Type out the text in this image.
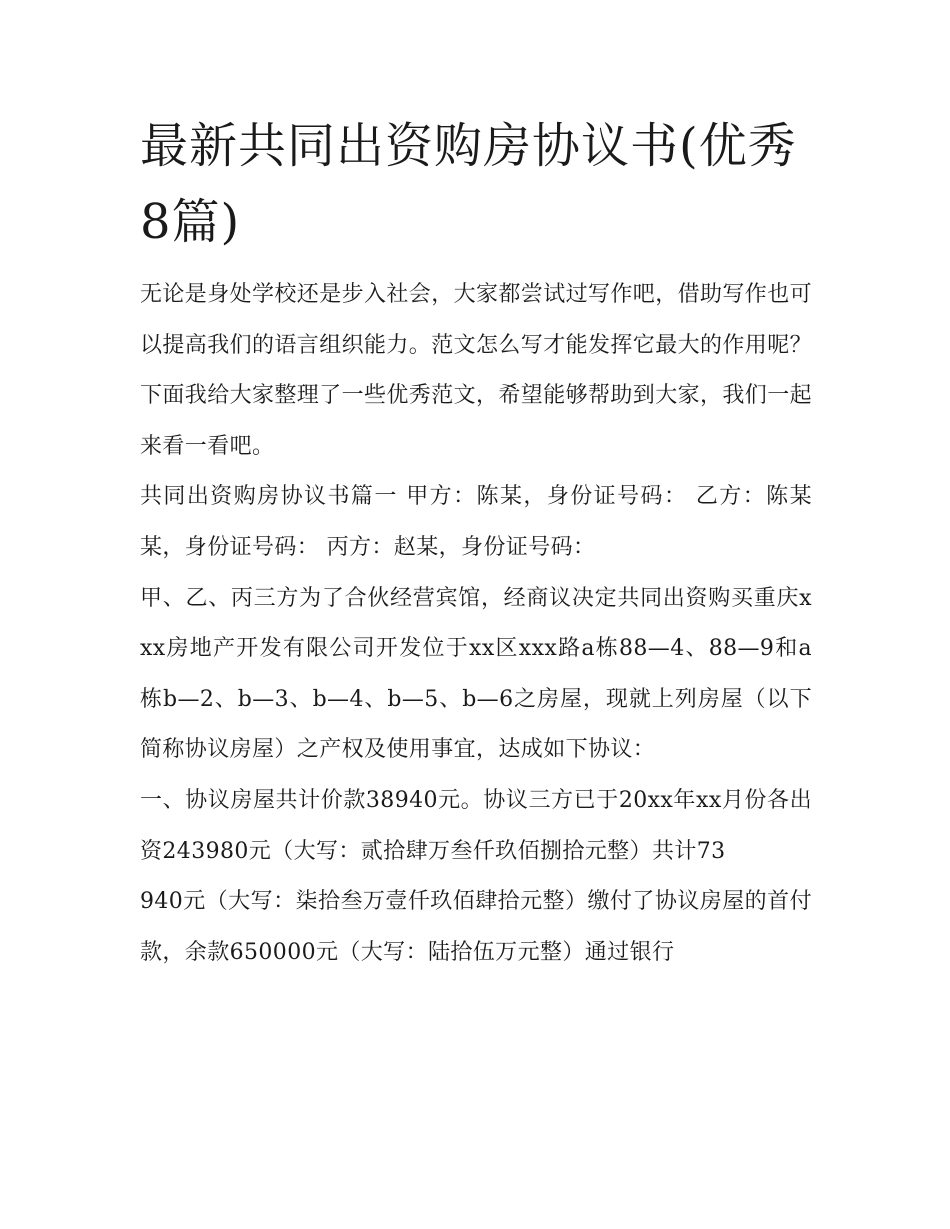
最新共同出资购房协议书(优秀8篇)

无论是身处学校还是步入社会，大家都尝试过写作吧，借助写作也可以提高我们的语言组织能力。范文怎么写才能发挥它最大的作用呢？下面我给大家整理了一些优秀范文，希望能够帮助到大家，我们一起来看一看吧。

共同出资购房协议书篇一 甲方：陈某，身份证号码： 乙方：陈某某，身份证号码： 丙方：赵某，身份证号码：

甲、乙、丙三方为了合伙经营宾馆，经商议决定共同出资购买重庆xxx房地产开发有限公司开发位于xx区xxx路a栋88—4、88—9和a栋b—2、b—3、b—4、b—5、b—6之房屋，现就上列房屋（以下简称协议房屋）之产权及使用事宜，达成如下协议：

一、协议房屋共计价款38940元。协议三方已于20xx年xx月份各出资243980元（大写：贰拾肆万叁仟玖佰捌拾元整）共计73

940元（大写：柒拾叁万壹仟玖佰肆拾元整）缴付了协议房屋的首付款，余款650000元（大写：陆拾伍万元整）通过银行
